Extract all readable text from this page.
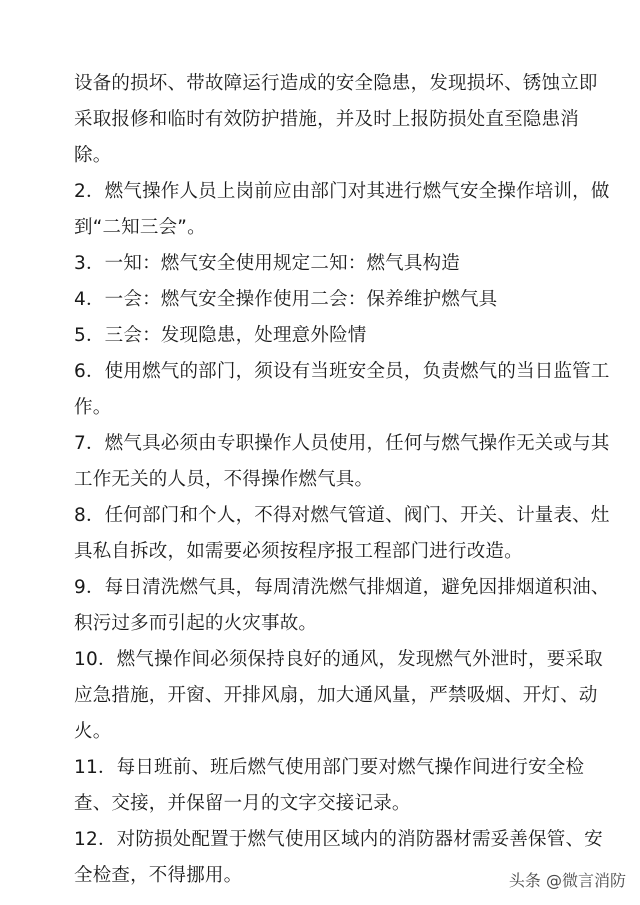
设备的损坏、带故障运行造成的安全隐患，发现损坏、锈蚀立即采取报修和临时有效防护措施，并及时上报防损处直至隐患消除。

2．燃气操作人员上岗前应由部门对其进行燃气安全操作培训，做到“二知三会”。

3．一知：燃气安全使用规定二知：燃气具构造

4．一会：燃气安全操作使用二会：保养维护燃气具

5．三会：发现隐患，处理意外险情

6．使用燃气的部门，须设有当班安全员，负责燃气的当日监管工作。

7．燃气具必须由专职操作人员使用，任何与燃气操作无关或与其工作无关的人员，不得操作燃气具。

8．任何部门和个人，不得对燃气管道、阀门、开关、计量表、灶具私自拆改，如需要必须按程序报工程部门进行改造。

9．每日清洗燃气具，每周清洗燃气排烟道，避免因排烟道积油、积污过多而引起的火灾事故。

10．燃气操作间必须保持良好的通风，发现燃气外泄时，要采取应急措施，开窗、开排风扇，加大通风量，严禁吸烟、开灯、动火。

11．每日班前、班后燃气使用部门要对燃气操作间进行安全检查、交接，并保留一月的文字交接记录。

12．对防损处配置于燃气使用区域内的消防器材需妥善保管、安全检查，不得挪用。	头条 @微言消防
